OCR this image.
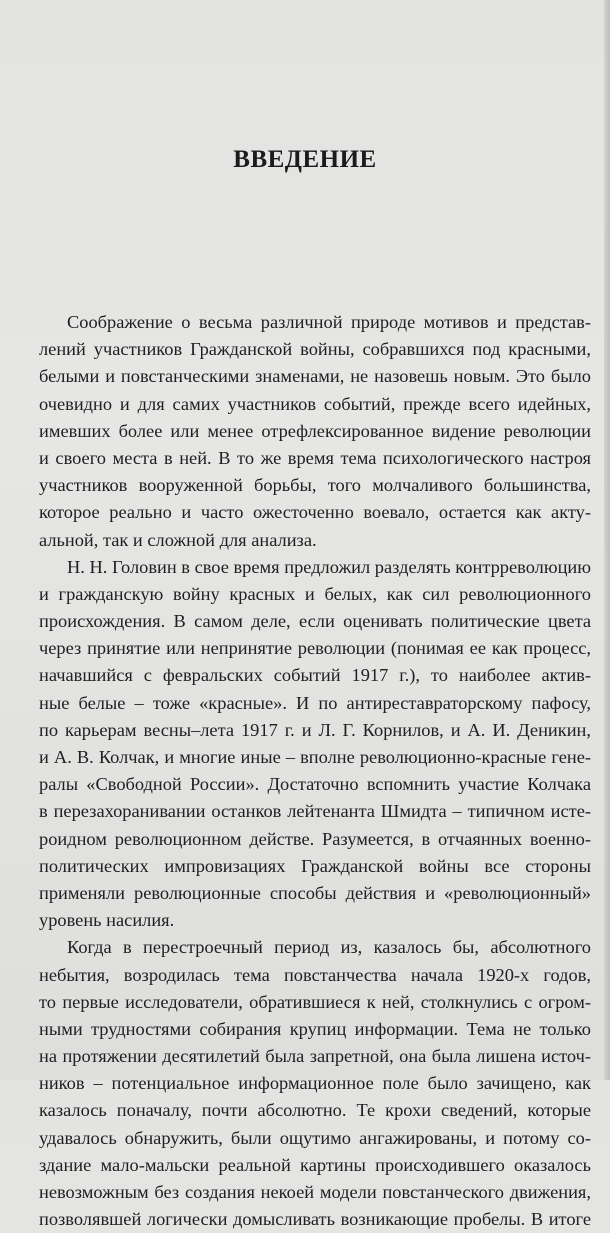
ВВЕДЕНИЕ
Соображение о весьма различной природе мотивов и представ-
лений участников Гражданской войны, собравшихся под красными,
белыми и повстанческими знаменами, не назовешь новым. Это было
очевидно и для самих участников событий, прежде всего идейных,
имевших более или менее отрефлексированное видение революции
и своего места в ней. В то же время тема психологического настроя
участников вооруженной борьбы, того молчаливого большинства,
которое реально и часто ожесточенно воевало, остается как акту-
альной, так и сложной для анализа.
Н. Н. Головин в свое время предложил разделять контрреволюцию
и гражданскую войну красных и белых, как сил революционного
происхождения. В самом деле, если оценивать политические цвета
через принятие или непринятие революции (понимая ее как процесс,
начавшийся с февральских событий 1917 г.), то наиболее актив-
ные белые – тоже «красные». И по антиреставраторскому пафосу,
по карьерам весны–лета 1917 г. и Л. Г. Корнилов, и А. И. Деникин,
и А. В. Колчак, и многие иные – вполне революционно-красные гене-
ралы «Свободной России». Достаточно вспомнить участие Колчака
в перезахоранивании останков лейтенанта Шмидта – типичном истe-
роидном революционном действе. Разумеется, в отчаянных военно-
политических импровизациях Гражданской войны все стороны
применяли революционные способы действия и «революционный»
уровень насилия.
Когда в перестроечный период из, казалось бы, абсолютного
небытия, возродилась тема повстанчества начала 1920-х годов,
то первые исследователи, обратившиеся к ней, столкнулись с огром-
ными трудностями собирания крупиц информации. Тема не только
на протяжении десятилетий была запретной, она была лишена источ-
ников – потенциальное информационное поле было зачищено, как
казалось поначалу, почти абсолютно. Те крохи сведений, которые
удавалось обнаружить, были ощутимо ангажированы, и потому со-
здание мало-мальски реальной картины происходившего оказалось
невозможным без создания некоей модели повстанческого движения,
позволявшей логически домысливать возникающие пробелы. В итоге
